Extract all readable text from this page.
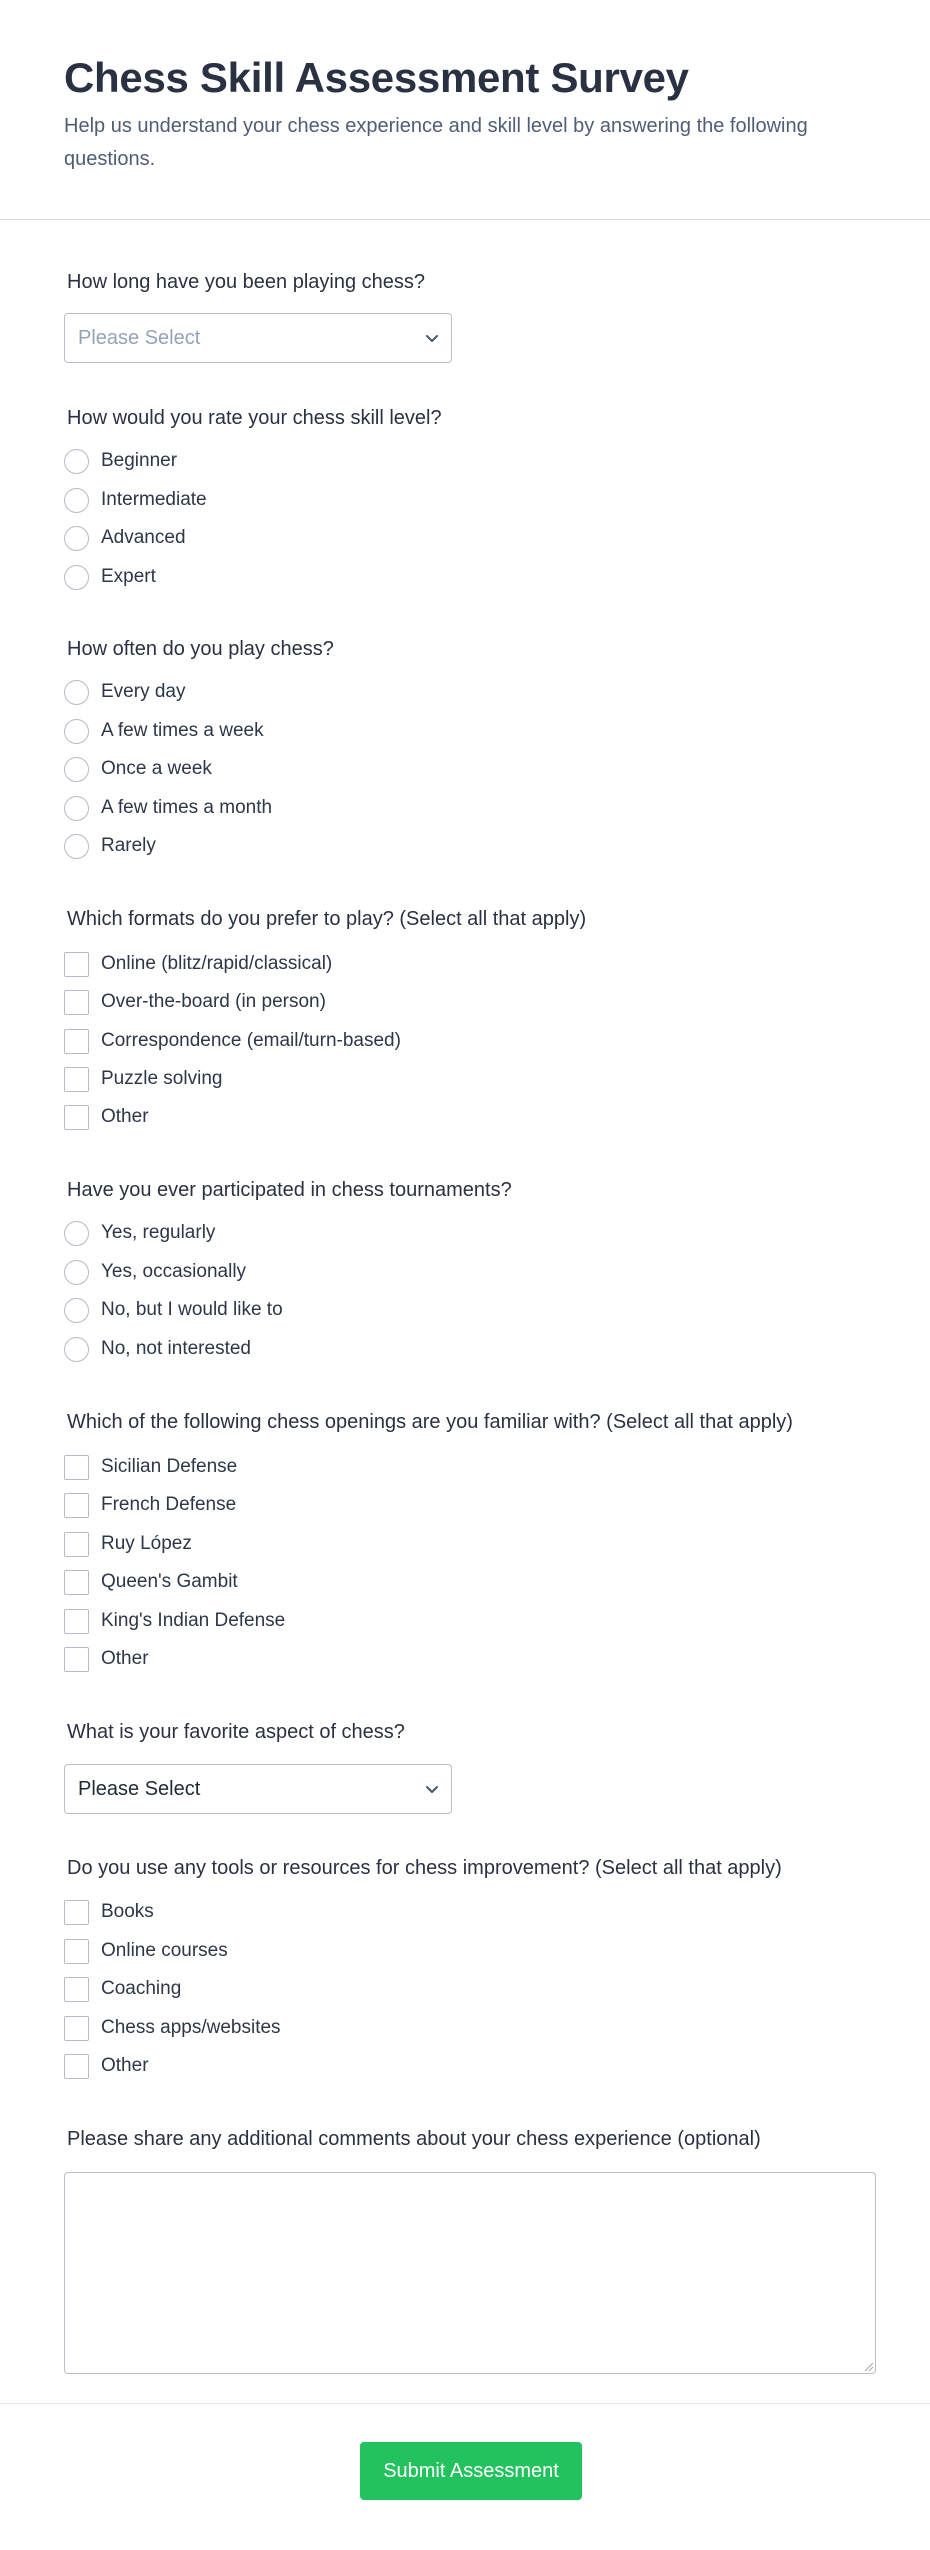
Chess Skill Assessment Survey

Help us understand your chess experience and skill level by answering the following questions.

How long have you been playing chess?
Please Select
How would you rate your chess skill level?
Beginner
Intermediate
Advanced
Expert
How often do you play chess?
Every day
A few times a week
Once a week
A few times a month
Rarely
Which formats do you prefer to play? (Select all that apply)
Online (blitz/rapid/classical)
Over-the-board (in person)
Correspondence (email/turn-based)
Puzzle solving
Other
Have you ever participated in chess tournaments?
Yes, regularly
Yes, occasionally
No, but I would like to
No, not interested
Which of the following chess openings are you familiar with? (Select all that apply)
Sicilian Defense
French Defense
Ruy López
Queen's Gambit
King's Indian Defense
Other
What is your favorite aspect of chess?
Please Select
Do you use any tools or resources for chess improvement? (Select all that apply)
Books
Online courses
Coaching
Chess apps/websites
Other
Please share any additional comments about your chess experience (optional)
Submit Assessment
